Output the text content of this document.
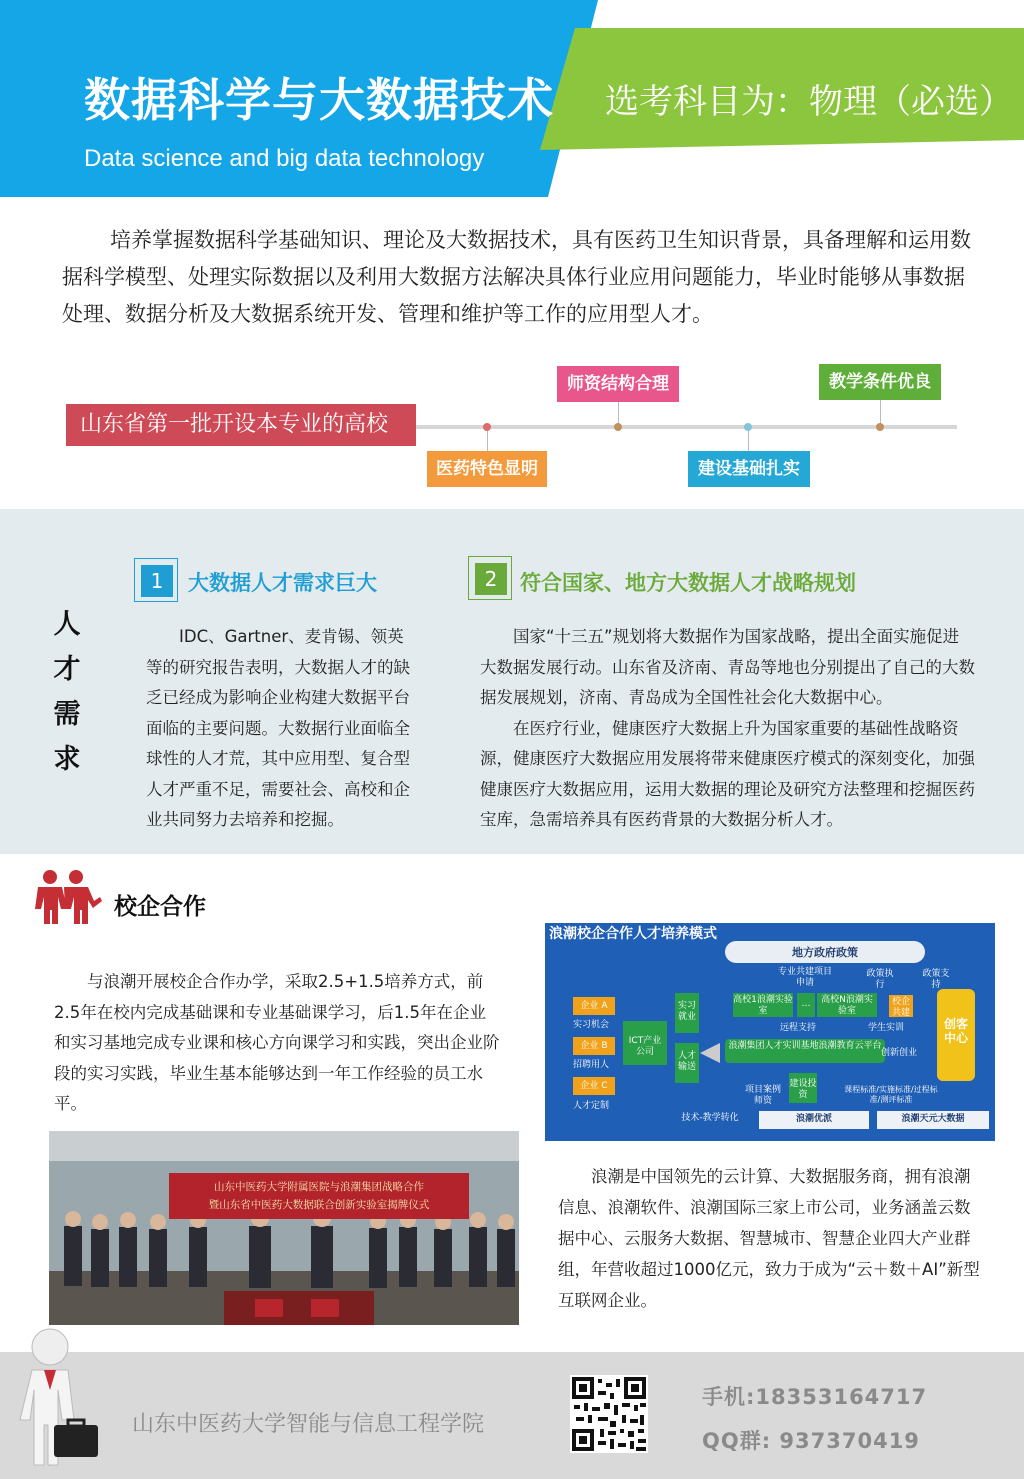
数据科学与大数据技术
Data science and big data technology
选考科目为：物理（必选）
培养掌握数据科学基础知识、理论及大数据技术，具有医药卫生知识背景，具备理解和运用数据科学模型、处理实际数据以及利用大数据方法解决具体行业应用问题能力，毕业时能够从事数据处理、数据分析及大数据系统开发、管理和维护等工作的应用型人才。
山东省第一批开设本专业的高校
医药特色显明
师资结构合理
建设基础扎实
教学条件优良
人
才
需
求
1	大数据人才需求巨大

IDC、Gartner、麦肯锡、领英等的研究报告表明，大数据人才的缺乏已经成为影响企业构建大数据平台面临的主要问题。大数据行业面临全球性的人才荒，其中应用型、复合型人才严重不足，需要社会、高校和企业共同努力去培养和挖掘。

2	符合国家、地方大数据人才战略规划

国家“十三五”规划将大数据作为国家战略，提出全面实施促进大数据发展行动。山东省及济南、青岛等地也分别提出了自己的大数据发展规划，济南、青岛成为全国性社会化大数据中心。

在医疗行业，健康医疗大数据上升为国家重要的基础性战略资源，健康医疗大数据应用发展将带来健康医疗模式的深刻变化，加强健康医疗大数据应用，运用大数据的理论及研究方法整理和挖掘医药宝库，急需培养具有医药背景的大数据分析人才。

校企合作
与浪潮开展校企合作办学，采取2.5+1.5培养方式，前2.5年在校内完成基础课和专业基础课学习，后1.5年在企业和实习基地完成专业课和核心方向课学习和实践，突出企业阶段的实习实践，毕业生基本能够达到一年工作经验的员工水平。
山东中医药大学附属医院与浪潮集团战略合作
暨山东省中医药大数据联合创新实验室揭牌仪式
浪潮校企合作人才培养模式
地方政府政策
企业 A
企业 B
企业 C
实习机会
招聘用人
人才定制
ICT产业公司
实习就业
人才输送
高校1浪潮实验室
…	高校N浪潮实验室
校企共建
专业共建项目申请
政策执行
政策支持
远程支持	学生实训
浪潮集团人才实训基地浪潮教育云平台
创新创业
创客中心
项目案例师资
建设投资
课程标准/实施标准/过程标准/测评标准
技术-教学转化	浪潮优派	浪潮天元大数据
浪潮是中国领先的云计算、大数据服务商，拥有浪潮信息、浪潮软件、浪潮国际三家上市公司，业务涵盖云数据中心、云服务大数据、智慧城市、智慧企业四大产业群组，年营收超过1000亿元，致力于成为“云＋数＋AI”新型互联网企业。
山东中医药大学智能与信息工程学院
手机:18353164717
QQ群: 937370419
